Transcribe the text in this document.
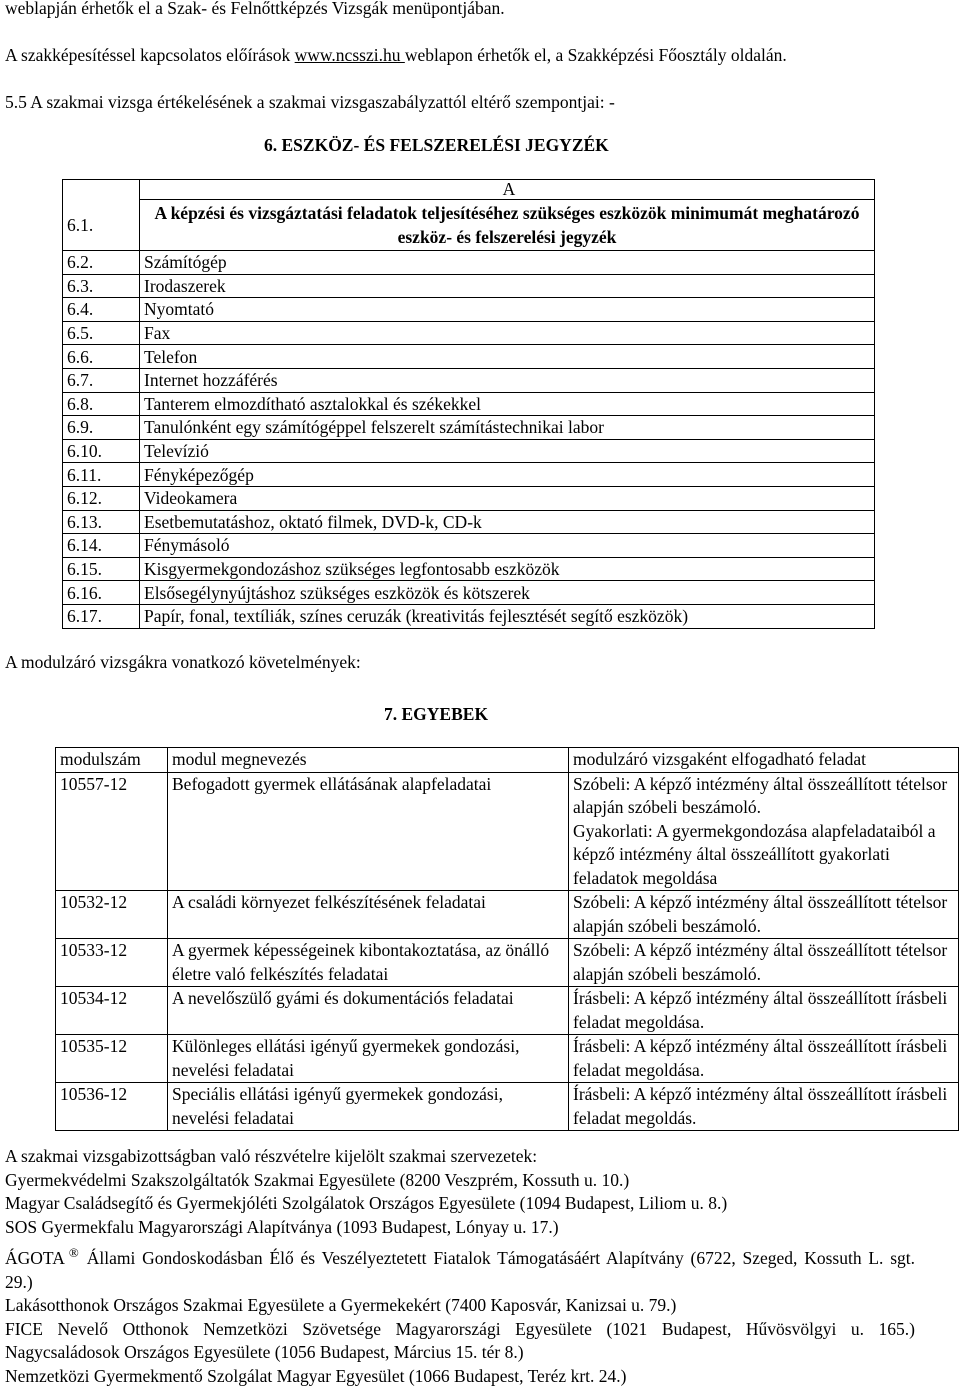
weblapján érhetők el a Szak- és Felnőttképzés Vizsgák menüpontjában.
A szakképesítéssel kapcsolatos előírások www.ncsszi.hu weblapon érhetők el, a Szakképzési Főosztály oldalán.
5.5 A szakmai vizsga értékelésének a szakmai vizsgaszabályzattól eltérő szempontjai: -
6. ESZKÖZ- ÉS FELSZERELÉSI JEGYZÉK
	A
6.1.	A képzési és vizsgáztatási feladatok teljesítéséhez szükséges eszközök minimumát meghatározó eszköz- és felszerelési jegyzék
6.2.	Számítógép
6.3.	Irodaszerek
6.4.	Nyomtató
6.5.	Fax
6.6.	Telefon
6.7.	Internet hozzáférés
6.8.	Tanterem elmozdítható asztalokkal és székekkel
6.9.	Tanulónként egy számítógéppel felszerelt számítástechnikai labor
6.10.	Televízió
6.11.	Fényképezőgép
6.12.	Videokamera
6.13.	Esetbemutatáshoz, oktató filmek, DVD-k, CD-k
6.14.	Fénymásoló
6.15.	Kisgyermekgondozáshoz szükséges legfontosabb eszközök
6.16.	Elsősegélynyújtáshoz szükséges eszközök és kötszerek
6.17.	Papír, fonal, textíliák, színes ceruzák (kreativitás fejlesztését segítő eszközök)
A modulzáró vizsgákra vonatkozó követelmények:
7. EGYEBEK
modulszám	modul megnevezés	modulzáró vizsgaként elfogadható feladat
10557-12	Befogadott gyermek ellátásának alapfeladatai	Szóbeli: A képző intézmény által összeállított tételsor alapján szóbeli beszámoló.
Gyakorlati: A gyermekgondozása alapfeladataiból a képző intézmény által összeállított gyakorlati feladatok megoldása

10532-12	A családi környezet felkészítésének feladatai	Szóbeli: A képző intézmény által összeállított tételsor alapján szóbeli beszámoló.

10533-12	A gyermek képességeinek kibontakoztatása, az önálló életre való felkészítés feladatai	Szóbeli: A képző intézmény által összeállított tételsor alapján szóbeli beszámoló.

10534-12	A nevelőszülő gyámi és dokumentációs feladatai	Írásbeli: A képző intézmény által összeállított írásbeli feladat megoldása.

10535-12	Különleges ellátási igényű gyermekek gondozási, nevelési feladatai	Írásbeli: A képző intézmény által összeállított írásbeli feladat megoldása.

10536-12	Speciális ellátási igényű gyermekek gondozási, nevelési feladatai	Írásbeli: A képző intézmény által összeállított írásbeli feladat megoldás.
A szakmai vizsgabizottságban való részvételre kijelölt szakmai szervezetek:
Gyermekvédelmi Szakszolgáltatók Szakmai Egyesülete (8200 Veszprém, Kossuth u. 10.)
Magyar Családsegítő és Gyermekjóléti Szolgálatok Országos Egyesülete (1094 Budapest, Liliom u. 8.)
SOS Gyermekfalu Magyarországi Alapítványa (1093 Budapest, Lónyay u. 17.)
ÁGOTA ® Állami Gondoskodásban Élő és Veszélyeztetett Fiatalok Támogatásáért Alapítvány (6722, Szeged, Kossuth L. sgt. 29.)
Lakásotthonok Országos Szakmai Egyesülete a Gyermekekért (7400 Kaposvár, Kanizsai u. 79.)
FICE Nevelő Otthonok Nemzetközi Szövetsége Magyarországi Egyesülete (1021 Budapest, Hűvösvölgyi u. 165.) Nagycsaládosok Országos Egyesülete (1056 Budapest, Március 15. tér 8.)
Nemzetközi Gyermekmentő Szolgálat Magyar Egyesület (1066 Budapest, Teréz krt. 24.)
